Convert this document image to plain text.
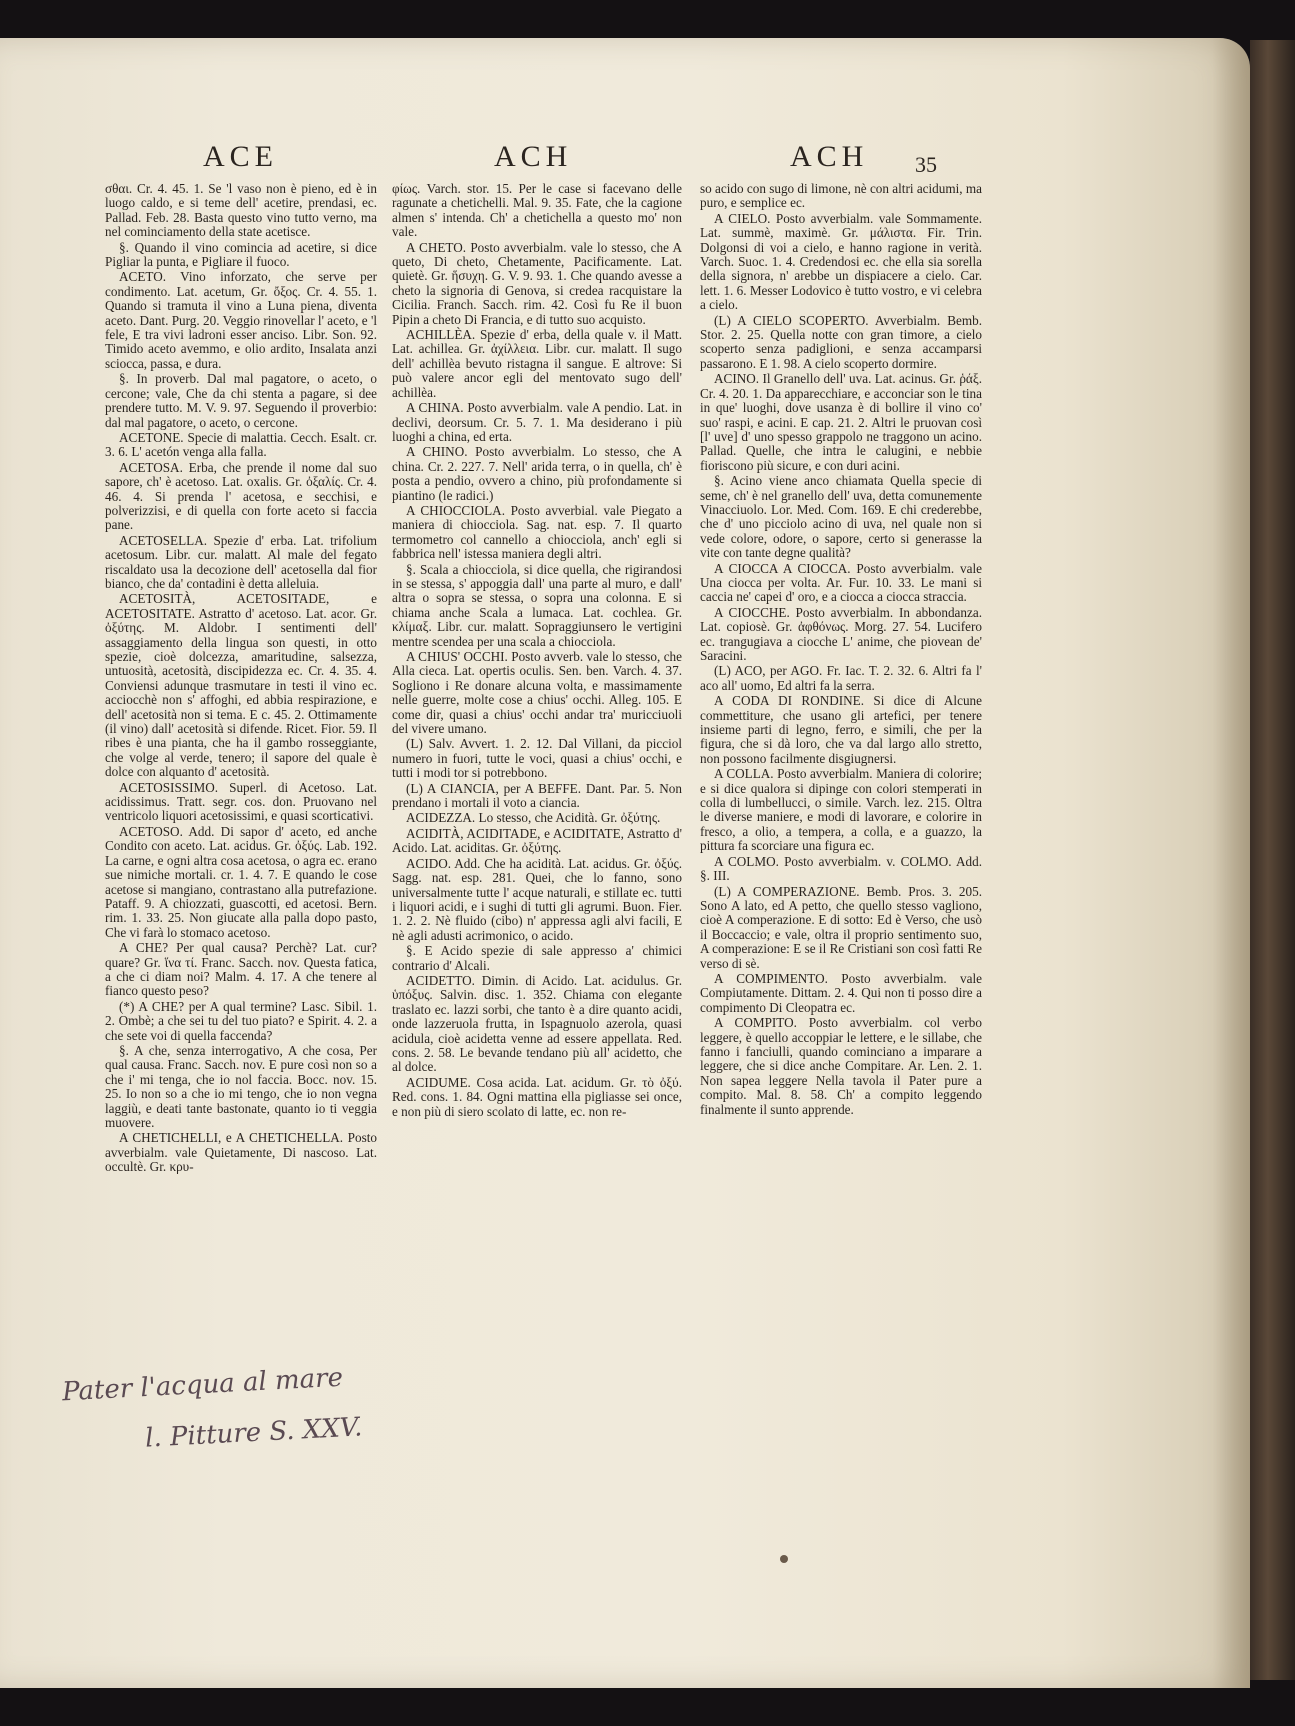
ACE	ACH	ACH 35

σθαι. Cr. 4. 45. 1. Se 'l vaso non è pieno, ed è in luogo caldo, e si teme dell' acetire, prendasi, ec. Pallad. Feb. 28. Basta questo vino tutto verno, ma nel cominciamento della state acetisce.

§. Quando il vino comincia ad acetire, si dice Pigliar la punta, e Pigliare il fuoco.

ACETO. Vino inforzato, che serve per condimento. Lat. acetum, Gr. ὄξος. Cr. 4. 55. 1. Quando si tramuta il vino a Luna piena, diventa aceto. Dant. Purg. 20. Veggio rinovellar l' aceto, e 'l fele, E tra vivi ladroni esser anciso. Libr. Son. 92. Timido aceto avemmo, e olio ardito, Insalata anzi sciocca, passa, e dura.

§. In proverb. Dal mal pagatore, o aceto, o cercone; vale, Che da chi stenta a pagare, si dee prendere tutto. M. V. 9. 97. Seguendo il proverbio: dal mal pagatore, o aceto, o cercone.

ACETONE. Specie di malattia. Cecch. Esalt. cr. 3. 6. L' acetón venga alla falla.

ACETOSA. Erba, che prende il nome dal suo sapore, ch' è acetoso. Lat. oxalis. Gr. ὀξαλίς. Cr. 4. 46. 4. Si prenda l' acetosa, e secchisi, e polverizzisi, e di quella con forte aceto si faccia pane.

ACETOSELLA. Spezie d' erba. Lat. trifolium acetosum. Libr. cur. malatt. Al male del fegato riscaldato usa la decozione dell' acetosella dal fior bianco, che da' contadini è detta alleluia.

ACETOSITÀ, ACETOSITADE, e ACETOSITATE. Astratto d' acetoso. Lat. acor. Gr. ὀξύτης. M. Aldobr. I sentimenti dell' assaggiamento della lingua son questi, in otto spezie, cioè dolcezza, amaritudine, salsezza, untuosità, acetosità, discipidezza ec. Cr. 4. 35. 4. Conviensi adunque trasmutare in testi il vino ec. acciocchè non s' affoghi, ed abbia respirazione, e dell' acetosità non si tema. E c. 45. 2. Ottimamente (il vino) dall' acetosità si difende. Ricet. Fior. 59. Il ribes è una pianta, che ha il gambo rosseggiante, che volge al verde, tenero; il sapore del quale è dolce con alquanto d' acetosità.

ACETOSISSIMO. Superl. di Acetoso. Lat. acidissimus. Tratt. segr. cos. don. Pruovano nel ventricolo liquori acetosissimi, e quasi scorticativi.

ACETOSO. Add. Di sapor d' aceto, ed anche Condito con aceto. Lat. acidus. Gr. ὀξύς. Lab. 192. La carne, e ogni altra cosa acetosa, o agra ec. erano sue nimiche mortali. cr. 1. 4. 7. E quando le cose acetose si mangiano, contrastano alla putrefazione. Pataff. 9. A chiozzati, guascotti, ed acetosi. Bern. rim. 1. 33. 25. Non giucate alla palla dopo pasto, Che vi farà lo stomaco acetoso.

A CHE? Per qual causa? Perchè? Lat. cur? quare? Gr. ἵνα τί. Franc. Sacch. nov. Questa fatica, a che ci diam noi? Malm. 4. 17. A che tenere al fianco questo peso?

(*) A CHE? per A qual termine? Lasc. Sibil. 1. 2. Ombè; a che sei tu del tuo piato? e Spirit. 4. 2. a che sete voi di quella faccenda?

§. A che, senza interrogativo, A che cosa, Per qual causa. Franc. Sacch. nov. E pure così non so a che i' mi tenga, che io nol faccia. Bocc. nov. 15. 25. Io non so a che io mi tengo, che io non vegna laggiù, e deati tante bastonate, quanto io ti veggia muovere.

A CHETICHELLI, e A CHETICHELLA. Posto avverbialm. vale Quietamente, Di nascoso. Lat. occultè. Gr. κρυ-

φίως. Varch. stor. 15. Per le case si facevano delle ragunate a chetichelli. Mal. 9. 35. Fate, che la cagione almen s' intenda. Ch' a chetichella a questo mo' non vale.

A CHETO. Posto avverbialm. vale lo stesso, che A queto, Di cheto, Chetamente, Pacificamente. Lat. quietè. Gr. ἥσυχη. G. V. 9. 93. 1. Che quando avesse a cheto la signoria di Genova, si credea racquistare la Cicilia. Franch. Sacch. rim. 42. Così fu Re il buon Pipin a cheto Di Francia, e di tutto suo acquisto.

ACHILLÈA. Spezie d' erba, della quale v. il Matt. Lat. achillea. Gr. ἀχίλλεια. Libr. cur. malatt. Il sugo dell' achillèa bevuto ristagna il sangue. E altrove: Si può valere ancor egli del mentovato sugo dell' achillèa.

A CHINA. Posto avverbialm. vale A pendio. Lat. in declivi, deorsum. Cr. 5. 7. 1. Ma desiderano i più luoghi a china, ed erta.

A CHINO. Posto avverbialm. Lo stesso, che A china. Cr. 2. 227. 7. Nell' arida terra, o in quella, ch' è posta a pendio, ovvero a chino, più profondamente si piantino (le radici.)

A CHIOCCIOLA. Posto avverbial. vale Piegato a maniera di chiocciola. Sag. nat. esp. 7. Il quarto termometro col cannello a chiocciola, anch' egli si fabbrica nell' istessa maniera degli altri.

§. Scala a chiocciola, si dice quella, che rigirandosi in se stessa, s' appoggia dall' una parte al muro, e dall' altra o sopra se stessa, o sopra una colonna. E si chiama anche Scala a lumaca. Lat. cochlea. Gr. κλίμαξ. Libr. cur. malatt. Sopraggiunsero le vertigini mentre scendea per una scala a chiocciola.

A CHIUS' OCCHI. Posto avverb. vale lo stesso, che Alla cieca. Lat. opertis oculis. Sen. ben. Varch. 4. 37. Sogliono i Re donare alcuna volta, e massimamente nelle guerre, molte cose a chius' occhi. Alleg. 105. E come dir, quasi a chius' occhi andar tra' muricciuoli del vivere umano.

(L) Salv. Avvert. 1. 2. 12. Dal Villani, da picciol numero in fuori, tutte le voci, quasi a chius' occhi, e tutti i modi tor si potrebbono.

(L) A CIANCIA, per A BEFFE. Dant. Par. 5. Non prendano i mortali il voto a ciancia.

ACIDEZZA. Lo stesso, che Acidità. Gr. ὀξύτης.

ACIDITÀ, ACIDITADE, e ACIDITATE, Astratto d' Acido. Lat. aciditas. Gr. ὀξύτης.

ACIDO. Add. Che ha acidità. Lat. acidus. Gr. ὀξύς. Sagg. nat. esp. 281. Quei, che lo fanno, sono universalmente tutte l' acque naturali, e stillate ec. tutti i liquori acidi, e i sughi di tutti gli agrumi. Buon. Fier. 1. 2. 2. Nè fluido (cibo) n' appressa agli alvi facili, E nè agli adusti acrimonico, o acido.

§. E Acido spezie di sale appresso a' chimici contrario d' Alcali.

ACIDETTO. Dimin. di Acido. Lat. acidulus. Gr. ὑπόξυς. Salvin. disc. 1. 352. Chiama con elegante traslato ec. lazzi sorbi, che tanto è a dire quanto acidi, onde lazzeruola frutta, in Ispagnuolo azerola, quasi acidula, cioè acidetta venne ad essere appellata. Red. cons. 2. 58. Le bevande tendano più all' acidetto, che al dolce.

ACIDUME. Cosa acida. Lat. acidum. Gr. τὸ ὀξύ. Red. cons. 1. 84. Ogni mattina ella pigliasse sei once, e non più di siero scolato di latte, ec. non re-

so acido con sugo di limone, nè con altri acidumi, ma puro, e semplice ec.

A CIELO. Posto avverbialm. vale Sommamente. Lat. summè, maximè. Gr. μάλιστα. Fir. Trin. Dolgonsi di voi a cielo, e hanno ragione in verità. Varch. Suoc. 1. 4. Credendosi ec. che ella sia sorella della signora, n' arebbe un dispiacere a cielo. Car. lett. 1. 6. Messer Lodovico è tutto vostro, e vi celebra a cielo.

(L) A CIELO SCOPERTO. Avverbialm. Bemb. Stor. 2. 25. Quella notte con gran timore, a cielo scoperto senza padiglioni, e senza accamparsi passarono. E 1. 98. A cielo scoperto dormire.

ACINO. Il Granello dell' uva. Lat. acinus. Gr. ῥάξ. Cr. 4. 20. 1. Da apparecchiare, e acconciar son le tina in que' luoghi, dove usanza è di bollire il vino co' suo' raspi, e acini. E cap. 21. 2. Altri le pruovan così [l' uve] d' uno spesso grappolo ne traggono un acino. Pallad. Quelle, che intra le calugini, e nebbie fioriscono più sicure, e con duri acini.

§. Acino viene anco chiamata Quella specie di seme, ch' è nel granello dell' uva, detta comunemente Vinacciuolo. Lor. Med. Com. 169. E chi crederebbe, che d' uno picciolo acino di uva, nel quale non si vede colore, odore, o sapore, certo si generasse la vite con tante degne qualità?

A CIOCCA A CIOCCA. Posto avverbialm. vale Una ciocca per volta. Ar. Fur. 10. 33. Le mani si caccia ne' capei d' oro, e a ciocca a ciocca straccia.

A CIOCCHE. Posto avverbialm. In abbondanza. Lat. copiosè. Gr. ἀφθόνως. Morg. 27. 54. Lucifero ec. trangugiava a ciocche L' anime, che piovean de' Saracini.

(L) ACO, per AGO. Fr. Iac. T. 2. 32. 6. Altri fa l' aco all' uomo, Ed altri fa la serra.

A CODA DI RONDINE. Si dice di Alcune commettiture, che usano gli artefici, per tenere insieme parti di legno, ferro, e simili, che per la figura, che si dà loro, che va dal largo allo stretto, non possono facilmente disgiugnersi.

A COLLA. Posto avverbialm. Maniera di colorire; e si dice qualora si dipinge con colori stemperati in colla di lumbellucci, o simile. Varch. lez. 215. Oltra le diverse maniere, e modi di lavorare, e colorire in fresco, a olio, a tempera, a colla, e a guazzo, la pittura fa scorciare una figura ec.

A COLMO. Posto avverbialm. v. COLMO. Add. §. III.

(L) A COMPERAZIONE. Bemb. Pros. 3. 205. Sono A lato, ed A petto, che quello stesso vagliono, cioè A comperazione. E di sotto: Ed è Verso, che usò il Boccaccio; e vale, oltra il proprio sentimento suo, A comperazione: E se il Re Cristiani son così fatti Re verso di sè.

A COMPIMENTO. Posto avverbialm. vale Compiutamente. Dittam. 2. 4. Qui non ti posso dire a compimento Di Cleopatra ec.

A COMPITO. Posto avverbialm. col verbo leggere, è quello accoppiar le lettere, e le sillabe, che fanno i fanciulli, quando cominciano a imparare a leggere, che si dice anche Compitare. Ar. Len. 2. 1. Non sapea leggere Nella tavola il Pater pure a compito. Mal. 8. 58. Ch' a compito leggendo finalmente il sunto apprende.

Pater l'acqua al mare
l. Pitture S. XXV.
